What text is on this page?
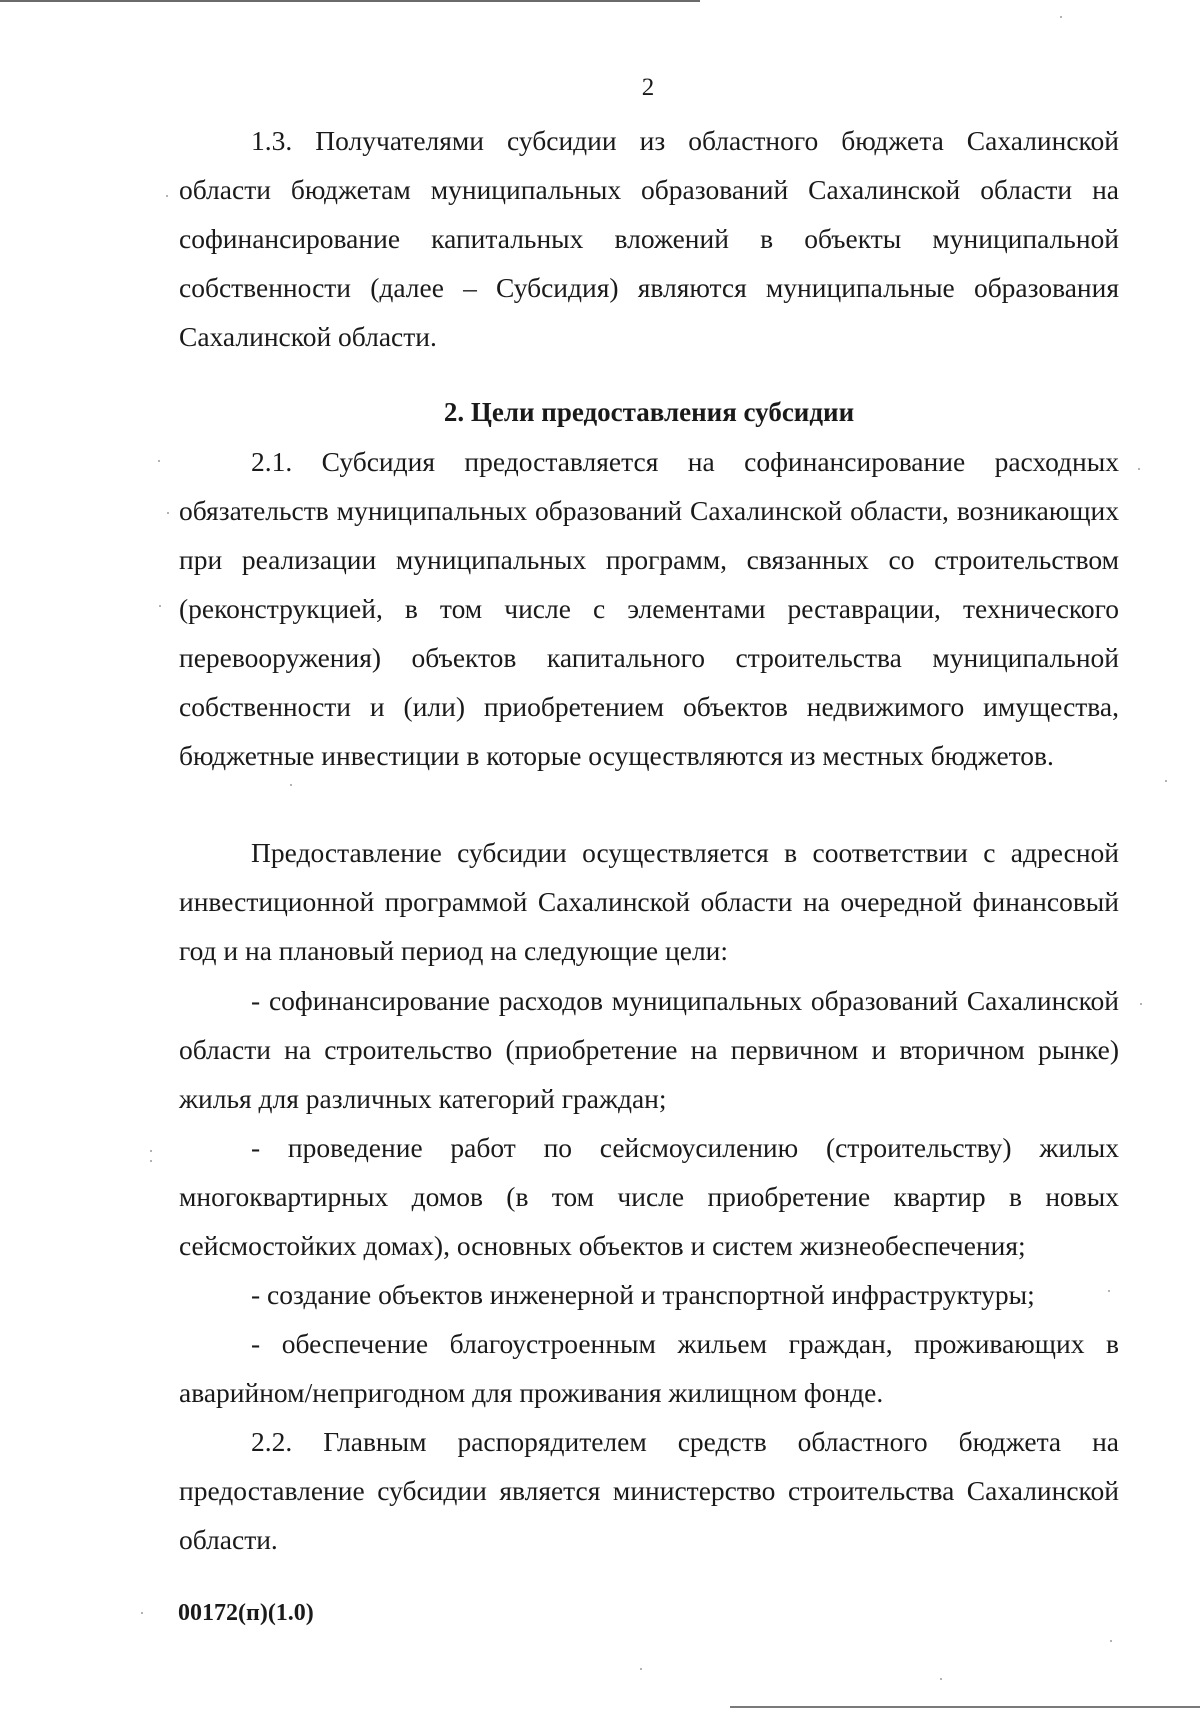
2

1.3. Получателями субсидии из областного бюджета Сахалинской области бюджетам муниципальных образований Сахалинской области на софинансирование капитальных вложений в объекты муниципальной собственности (далее – Субсидия) являются муниципальные образования Сахалинской области.

2. Цели предоставления субсидии

2.1. Субсидия предоставляется на софинансирование расходных обязательств муниципальных образований Сахалинской области, возникающих при реализации муниципальных программ, связанных со строительством (реконструкцией, в том числе с элементами реставрации, технического перевооружения) объектов капитального строительства муниципальной собственности и (или) приобретением объектов недвижимого имущества, бюджетные инвестиции в которые осуществляются из местных бюджетов.

Предоставление субсидии осуществляется в соответствии с адресной инвестиционной программой Сахалинской области на очередной финансовый год и на плановый период на следующие цели:

- софинансирование расходов муниципальных образований Сахалинской области на строительство (приобретение на первичном и вторичном рынке) жилья для различных категорий граждан;

- проведение работ по сейсмоусилению (строительству) жилых многоквартирных домов (в том числе приобретение квартир в новых сейсмостойких домах), основных объектов и систем жизнеобеспечения;

- создание объектов инженерной и транспортной инфраструктуры;

- обеспечение благоустроенным жильем граждан, проживающих в аварийном/непригодном для проживания жилищном фонде.

2.2. Главным распорядителем средств областного бюджета на предоставление субсидии является министерство строительства Сахалинской области.

00172(п)(1.0)
